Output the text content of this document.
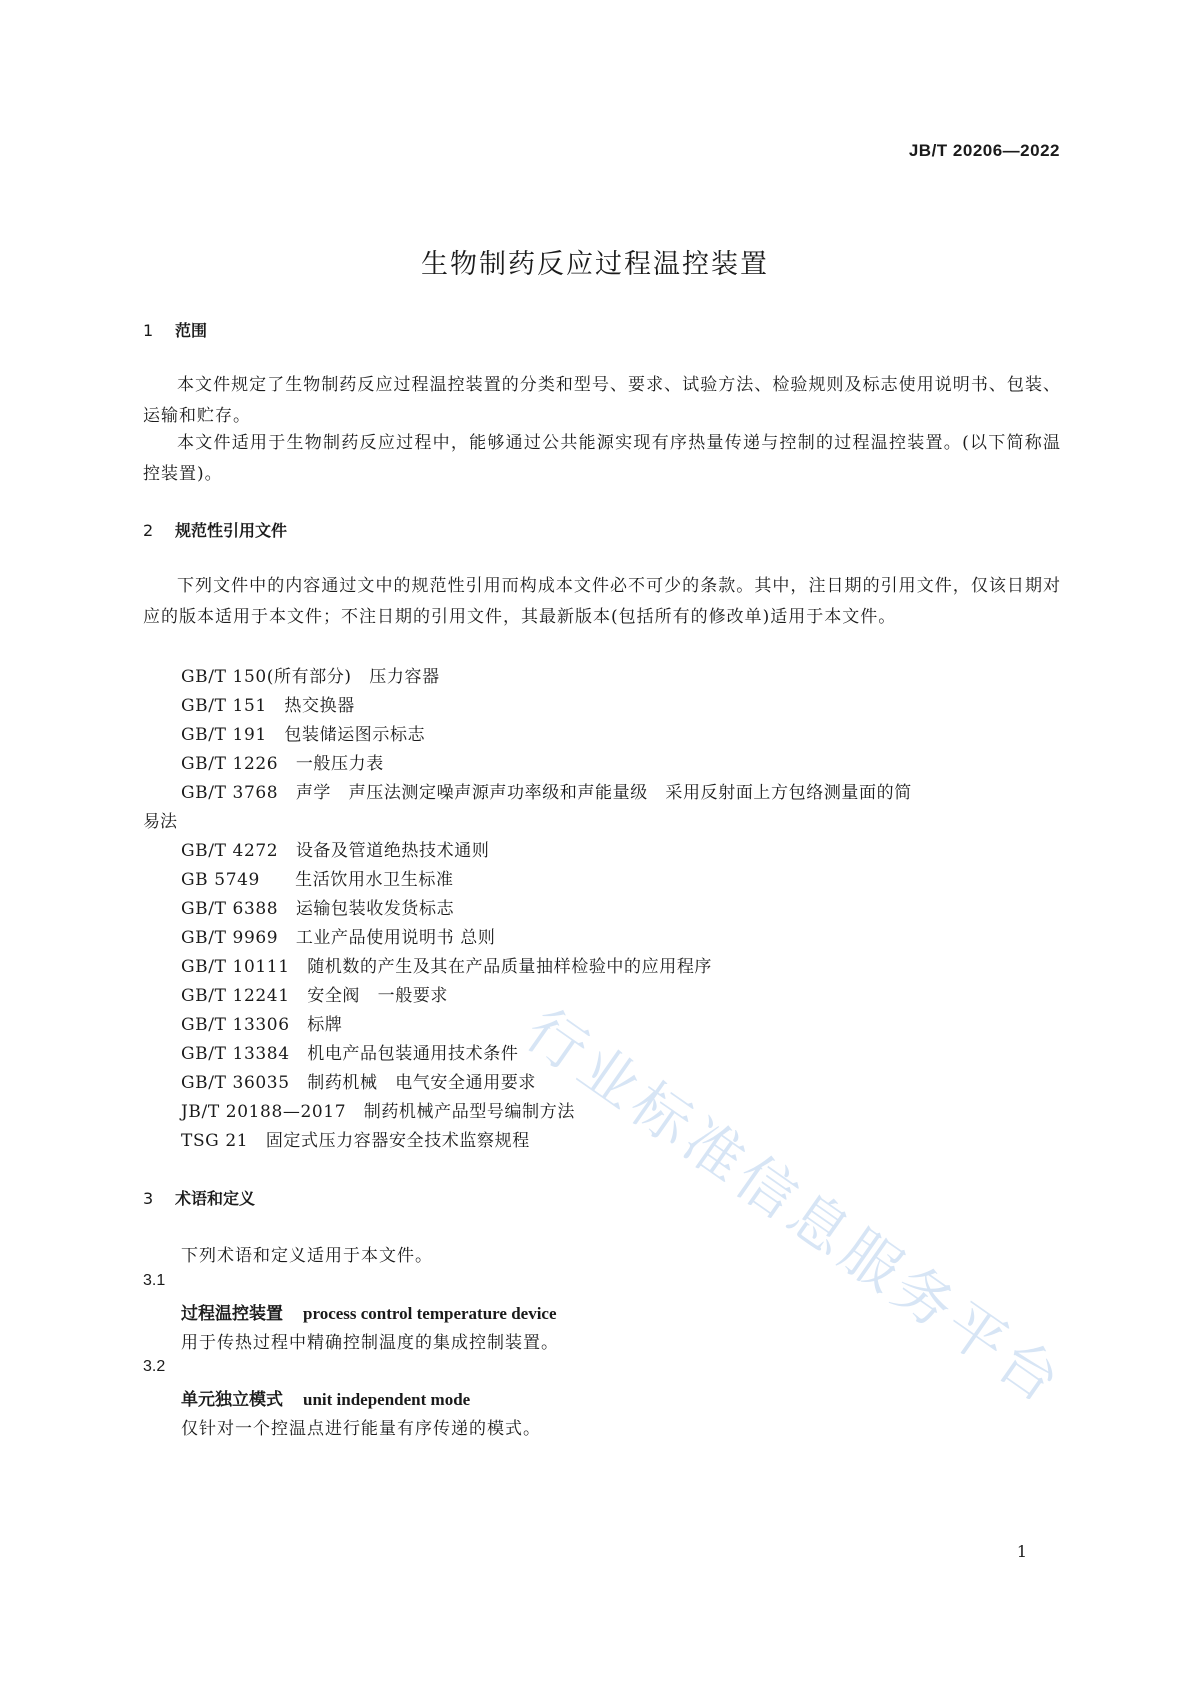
JB/T 20206—2022
生物制药反应过程温控装置
1 范围

本文件规定了生物制药反应过程温控装置的分类和型号、要求、试验方法、检验规则及标志使用说明书、包装、运输和贮存。

本文件适用于生物制药反应过程中，能够通过公共能源实现有序热量传递与控制的过程温控装置。(以下简称温控装置)。

2 规范性引用文件

下列文件中的内容通过文中的规范性引用而构成本文件必不可少的条款。其中，注日期的引用文件，仅该日期对应的版本适用于本文件；不注日期的引用文件，其最新版本(包括所有的修改单)适用于本文件。

GB/T 150(所有部分)　 压力容器
GB/T 151　 热交换器
GB/T 191　 包装储运图示标志
GB/T 1226　 一般压力表
GB/T 3768　 声学　声压法测定噪声源声功率级和声能量级　采用反射面上方包络测量面的简
易法
GB/T 4272　 设备及管道绝热技术通则
GB 5749　　 生活饮用水卫生标准
GB/T 6388　 运输包装收发货标志
GB/T 9969　 工业产品使用说明书 总则
GB/T 10111　 随机数的产生及其在产品质量抽样检验中的应用程序
GB/T 12241　 安全阀　一般要求
GB/T 13306　 标牌
GB/T 13384　 机电产品包装通用技术条件
GB/T 36035　 制药机械　电气安全通用要求
JB/T 20188—2017　 制药机械产品型号编制方法
TSG 21　 固定式压力容器安全技术监察规程
3 术语和定义
下列术语和定义适用于本文件。
3.1
过程温控装置 process control temperature device
用于传热过程中精确控制温度的集成控制装置。
3.2
单元独立模式 unit independent mode
仅针对一个控温点进行能量有序传递的模式。
1
行业标准信息服务平台
